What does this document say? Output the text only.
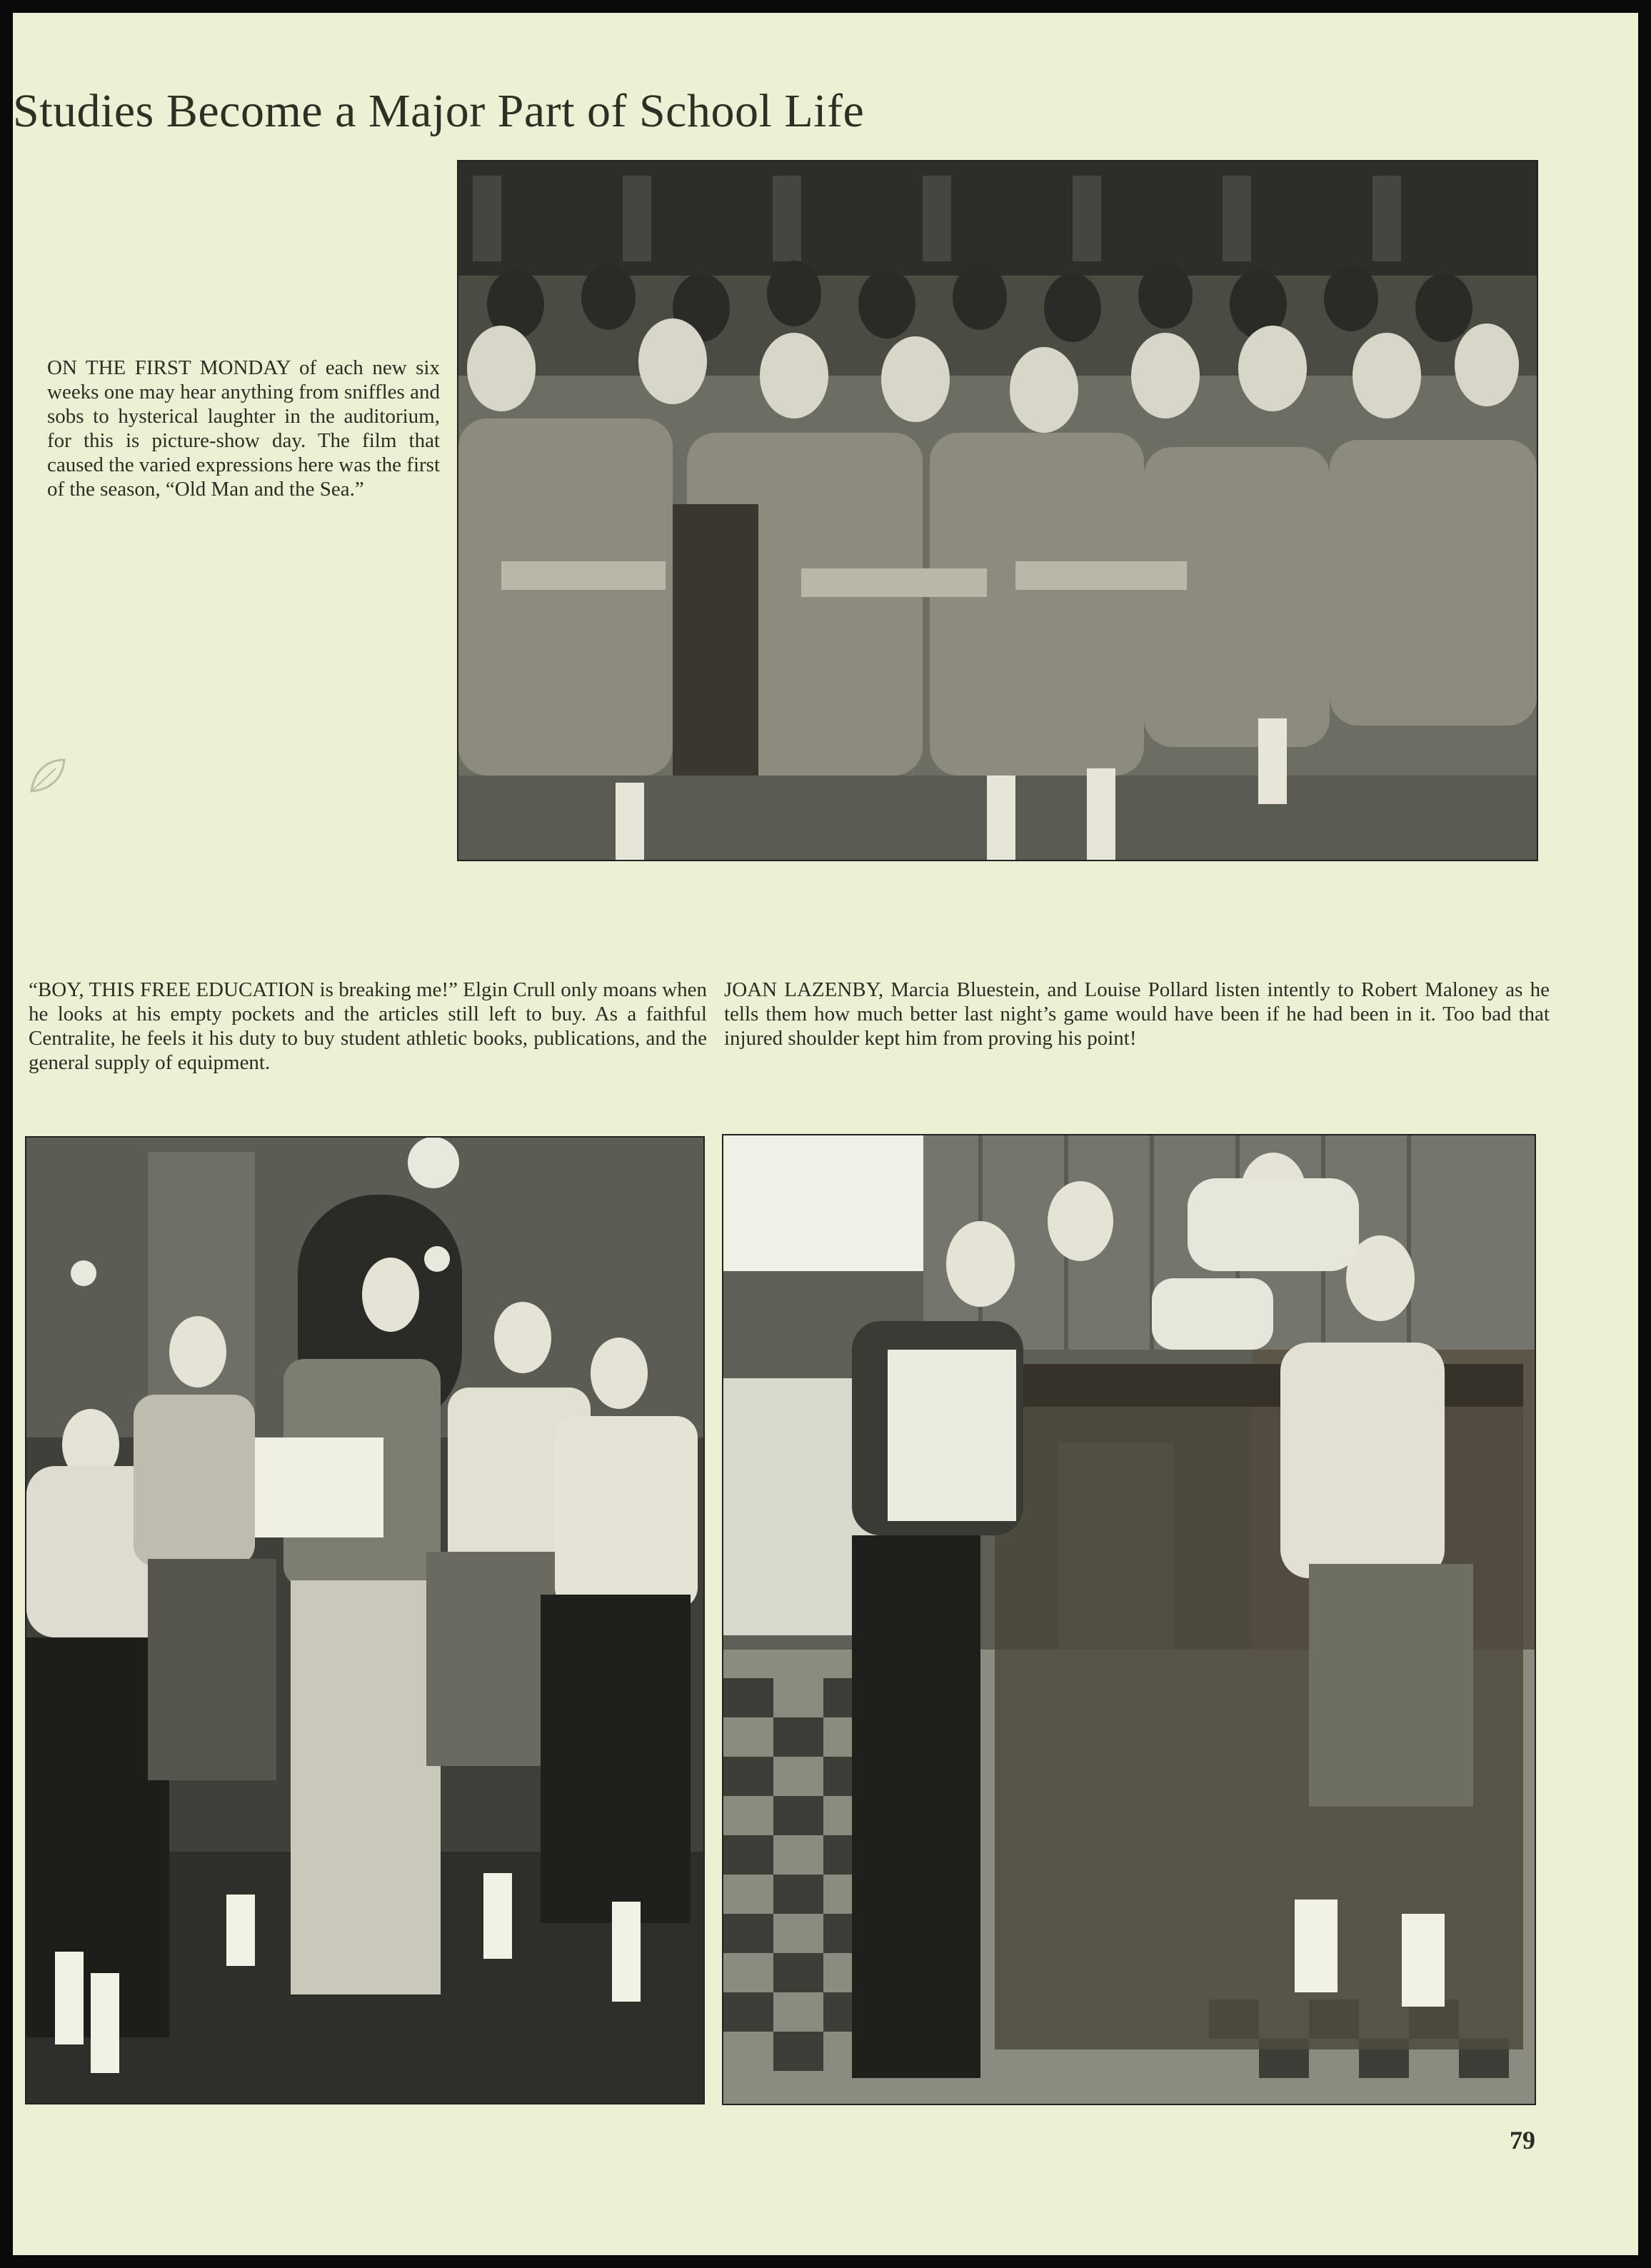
Studies Become a Major Part of School Life

ON THE FIRST MONDAY of each new six weeks one may hear anything from sniffles and sobs to hysterical laughter in the auditorium, for this is picture-show day. The film that caused the varied expressions here was the first of the season, “Old Man and the Sea.”

“BOY, THIS FREE EDUCATION is breaking me!” Elgin Crull only moans when he looks at his empty pockets and the articles still left to buy. As a faithful Centralite, he feels it his duty to buy student athletic books, publications, and the general supply of equipment.

JOAN LAZENBY, Marcia Bluestein, and Louise Pollard listen intently to Robert Maloney as he tells them how much better last night’s game would have been if he had been in it. Too bad that injured shoulder kept him from proving his point!

79
